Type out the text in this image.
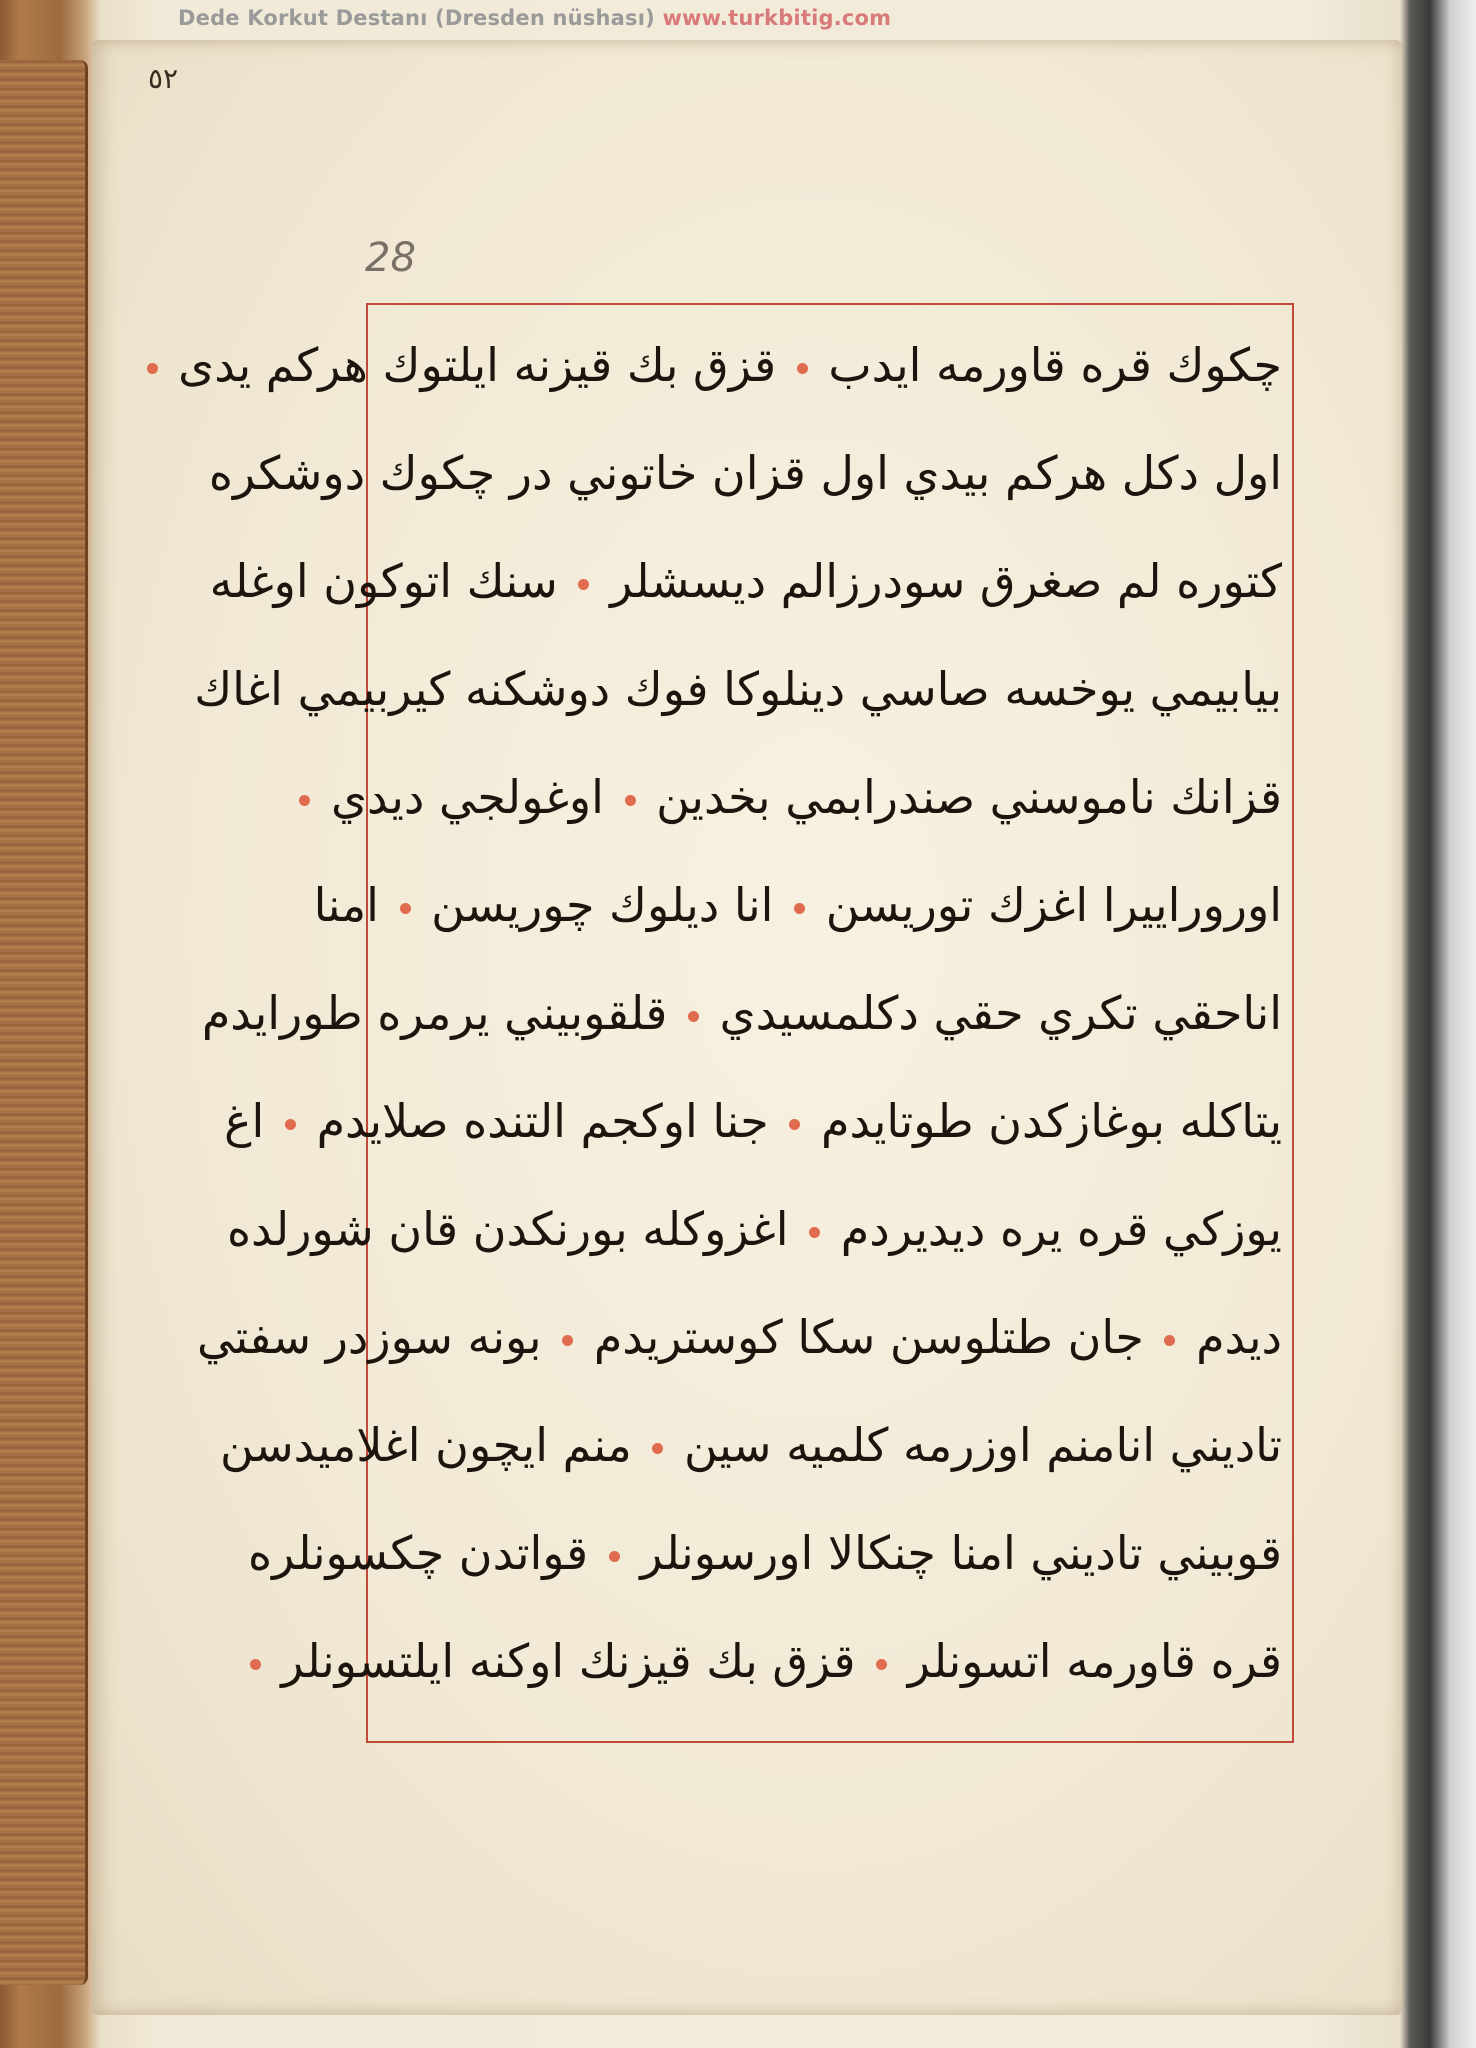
Dede Korkut Destanı (Dresden nüshası) www.turkbitig.com
٥٢
28
چكوك قره قاورمه ایدب  قزق بك قیزنه ایلتوك هركم يدى
اول دكل هركم بيدي اول قزان خاتوني در چكوك دوشكره
كتوره لم صغرق سودرزالم ديسشلر  سنك اتوكون اوغله
بيابيمي يوخسه صاسي دينلوكا فوك دوشكنه كيربيمي اغاك
قزانك ناموسني صندرابمي بخدين  اوغولجي ديدي
اوروراييرا اغزك توريسن  انا ديلوك چوريسن  امنا
اناحقي تكري حقي دكلمسيدي  قلقوبيني يرمره طورايدم
يتاكله بوغازكدن طوتايدم  جنا اوكجم التنده صلايدم  اغ
يوزكي قره يره ديديردم  اغزوكله بورنكدن قان شورلده
ديدم  جان طتلوسن سكا كوستريدم  بونه سوزدر سفتي
تاديني انامنم اوزرمه كلميه سين  منم ايچون اغلاميدسن
قوبيني تاديني امنا چنكالا اورسونلر  قواتدن چكسونلره
قره قاورمه اتسونلر  قزق بك قیزنك اوكنه ایلتسونلر
